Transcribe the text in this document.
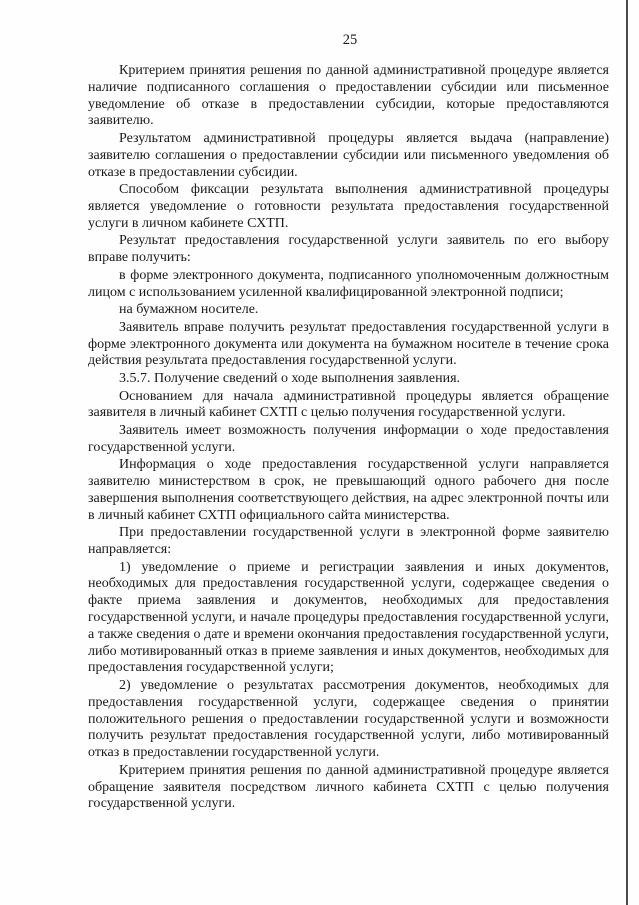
25

Критерием принятия решения по данной административной процедуре является наличие подписанного соглашения о предоставлении субсидии или письменное уведомление об отказе в предоставлении субсидии, которые предоставляются заявителю.

Результатом административной процедуры является выдача (направление) заявителю соглашения о предоставлении субсидии или письменного уведомления об отказе в предоставлении субсидии.

Способом фиксации результата выполнения административной процедуры является уведомление о готовности результата предоставления государственной услуги в личном кабинете СХТП.

Результат предоставления государственной услуги заявитель по его выбору вправе получить:

в форме электронного документа, подписанного уполномоченным должностным лицом с использованием усиленной квалифицированной электронной подписи;

на бумажном носителе.

Заявитель вправе получить результат предоставления государственной услуги в форме электронного документа или документа на бумажном носителе в течение срока действия результата предоставления государственной услуги.

3.5.7. Получение сведений о ходе выполнения заявления.

Основанием для начала административной процедуры является обращение заявителя в личный кабинет СХТП с целью получения государственной услуги.

Заявитель имеет возможность получения информации о ходе предоставления государственной услуги.

Информация о ходе предоставления государственной услуги направляется заявителю министерством в срок, не превышающий одного рабочего дня после завершения выполнения соответствующего действия, на адрес электронной почты или в личный кабинет СХТП официального сайта министерства.

При предоставлении государственной услуги в электронной форме заявителю направляется:

1) уведомление о приеме и регистрации заявления и иных документов, необходимых для предоставления государственной услуги, содержащее сведения о факте приема заявления и документов, необходимых для предоставления государственной услуги, и начале процедуры предоставления государственной услуги, а также сведения о дате и времени окончания предоставления государственной услуги, либо мотивированный отказ в приеме заявления и иных документов, необходимых для предоставления государственной услуги;

2) уведомление о результатах рассмотрения документов, необходимых для предоставления государственной услуги, содержащее сведения о принятии положительного решения о предоставлении государственной услуги и возможности получить результат предоставления государственной услуги, либо мотивированный отказ в предоставлении государственной услуги.

Критерием принятия решения по данной административной процедуре является обращение заявителя посредством личного кабинета СХТП с целью получения государственной услуги.
